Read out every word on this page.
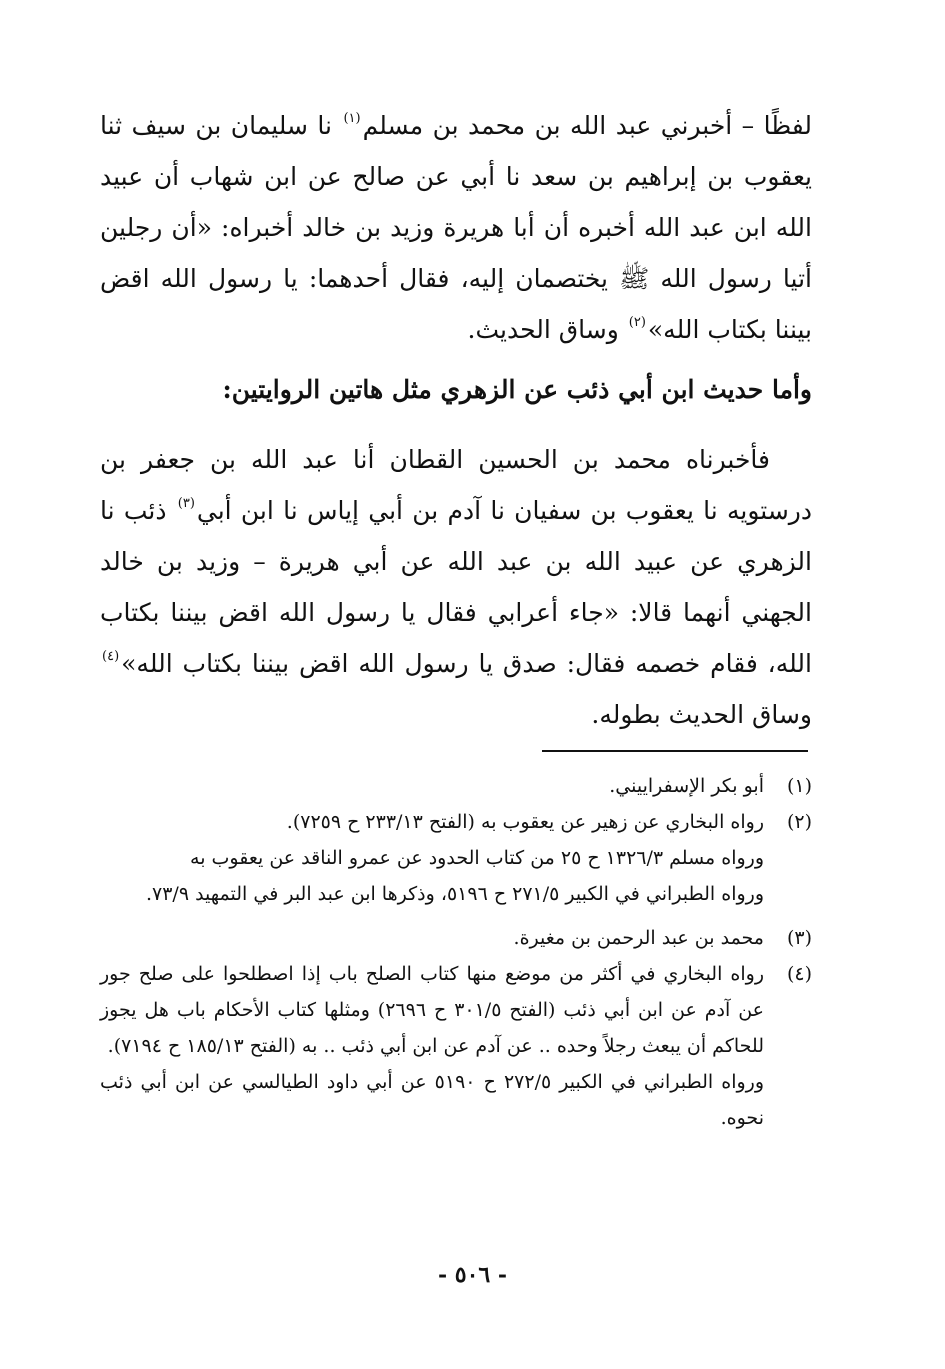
لفظًا – أخبرني عبد الله بن محمد بن مسلم$^{(١)}$ نا سليمان بن سيف ثنا يعقوب بن إبراهيم بن سعد نا أبي عن صالح عن ابن شهاب أن عبيد الله ابن عبد الله أخبره أن أبا هريرة وزيد بن خالد أخبراه: «أن رجلين أتيا رسول الله ﷺ يختصمان إليه، فقال أحدهما: يا رسول الله اقض بيننا بكتاب الله»$^{(٢)}$ وساق الحديث.

وأما حديث ابن أبي ذئب عن الزهري مثل هاتين الروايتين:

فأخبرناه محمد بن الحسين القطان أنا عبد الله بن جعفر بن درستويه نا يعقوب بن سفيان نا آدم بن أبي إياس نا ابن أبي$^{(٣)}$ ذئب نا الزهري عن عبيد الله بن عبد الله عن أبي هريرة – وزيد بن خالد الجهني أنهما قالا: «جاء أعرابي فقال يا رسول الله اقض بيننا بكتاب الله، فقام خصمه فقال: صدق يا رسول الله اقض بيننا بكتاب الله»$^{(٤)}$ وساق الحديث بطوله.

(١)
أبو بكر الإسفراييني.
(٢)
رواه البخاري عن زهير عن يعقوب به (الفتح ٢٣٣/١٣ ح ٧٢٥٩).
ورواه مسلم ١٣٢٦/٣ ح ٢٥ من كتاب الحدود عن عمرو الناقد عن يعقوب به
ورواه الطبراني في الكبير ٢٧١/٥ ح ٥١٩٦، وذكرها ابن عبد البر في التمهيد ٧٣/٩.
(٣)
محمد بن عبد الرحمن بن مغيرة.
(٤)
رواه البخاري في أكثر من موضع منها كتاب الصلح باب إذا اصطلحوا على صلح جور عن آدم عن ابن أبي ذئب (الفتح ٣٠١/٥ ح ٢٦٩٦) ومثلها كتاب الأحكام باب هل يجوز للحاكم أن يبعث رجلاً وحده .. عن آدم عن ابن أبي ذئب .. به (الفتح ١٨٥/١٣ ح ٧١٩٤).
ورواه الطبراني في الكبير ٢٧٢/٥ ح ٥١٩٠ عن أبي داود الطيالسي عن ابن أبي ذئب نحوه.
- ٥٠٦ -
